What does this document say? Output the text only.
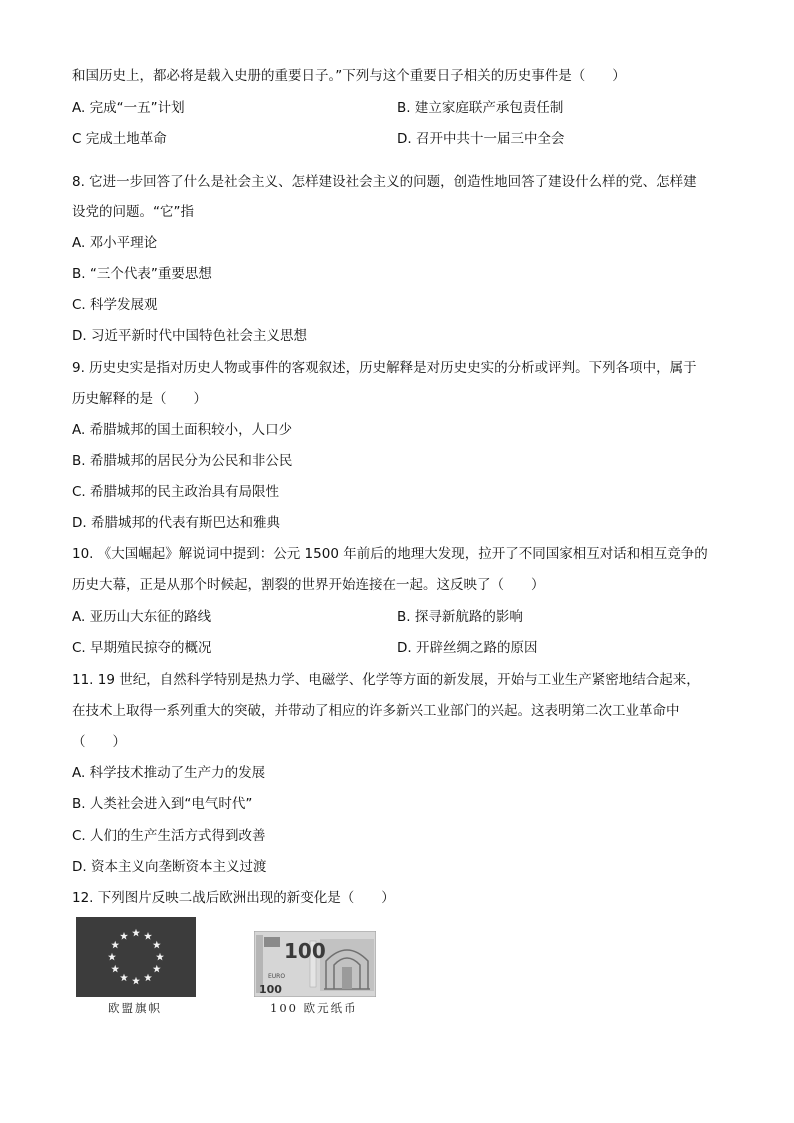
和国历史上，都必将是载入史册的重要日子。”下列与这个重要日子相关的历史事件是（　　）
A. 完成“一五”计划	B. 建立家庭联产承包责任制
C 完成土地革命	D. 召开中共十一届三中全会
8. 它进一步回答了什么是社会主义、怎样建设社会主义的问题，创造性地回答了建设什么样的党、怎样建
设党的问题。“它”指
A. 邓小平理论
B. “三个代表”重要思想
C. 科学发展观
D. 习近平新时代中国特色社会主义思想
9. 历史史实是指对历史人物或事件的客观叙述，历史解释是对历史史实的分析或评判。下列各项中，属于
历史解释的是（　　）
A. 希腊城邦的国土面积较小，人口少
B. 希腊城邦的居民分为公民和非公民
C. 希腊城邦的民主政治具有局限性
D. 希腊城邦的代表有斯巴达和雅典
10. 《大国崛起》解说词中提到：公元 1500 年前后的地理大发现，拉开了不同国家相互对话和相互竞争的
历史大幕，正是从那个时候起，割裂的世界开始连接在一起。这反映了（　　）
A. 亚历山大东征的路线	B. 探寻新航路的影响
C. 早期殖民掠夺的概况	D. 开辟丝绸之路的原因
11. 19 世纪，自然科学特别是热力学、电磁学、化学等方面的新发展，开始与工业生产紧密地结合起来，
在技术上取得一系列重大的突破，并带动了相应的许多新兴工业部门的兴起。这表明第二次工业革命中
（　　）
A. 科学技术推动了生产力的发展
B. 人类社会进入到“电气时代”
C. 人们的生产生活方式得到改善
D. 资本主义向垄断资本主义过渡
12. 下列图片反映二战后欧洲出现的新变化是（　　）
欧盟旗帜
100
EURO
100
100 欧元纸币
